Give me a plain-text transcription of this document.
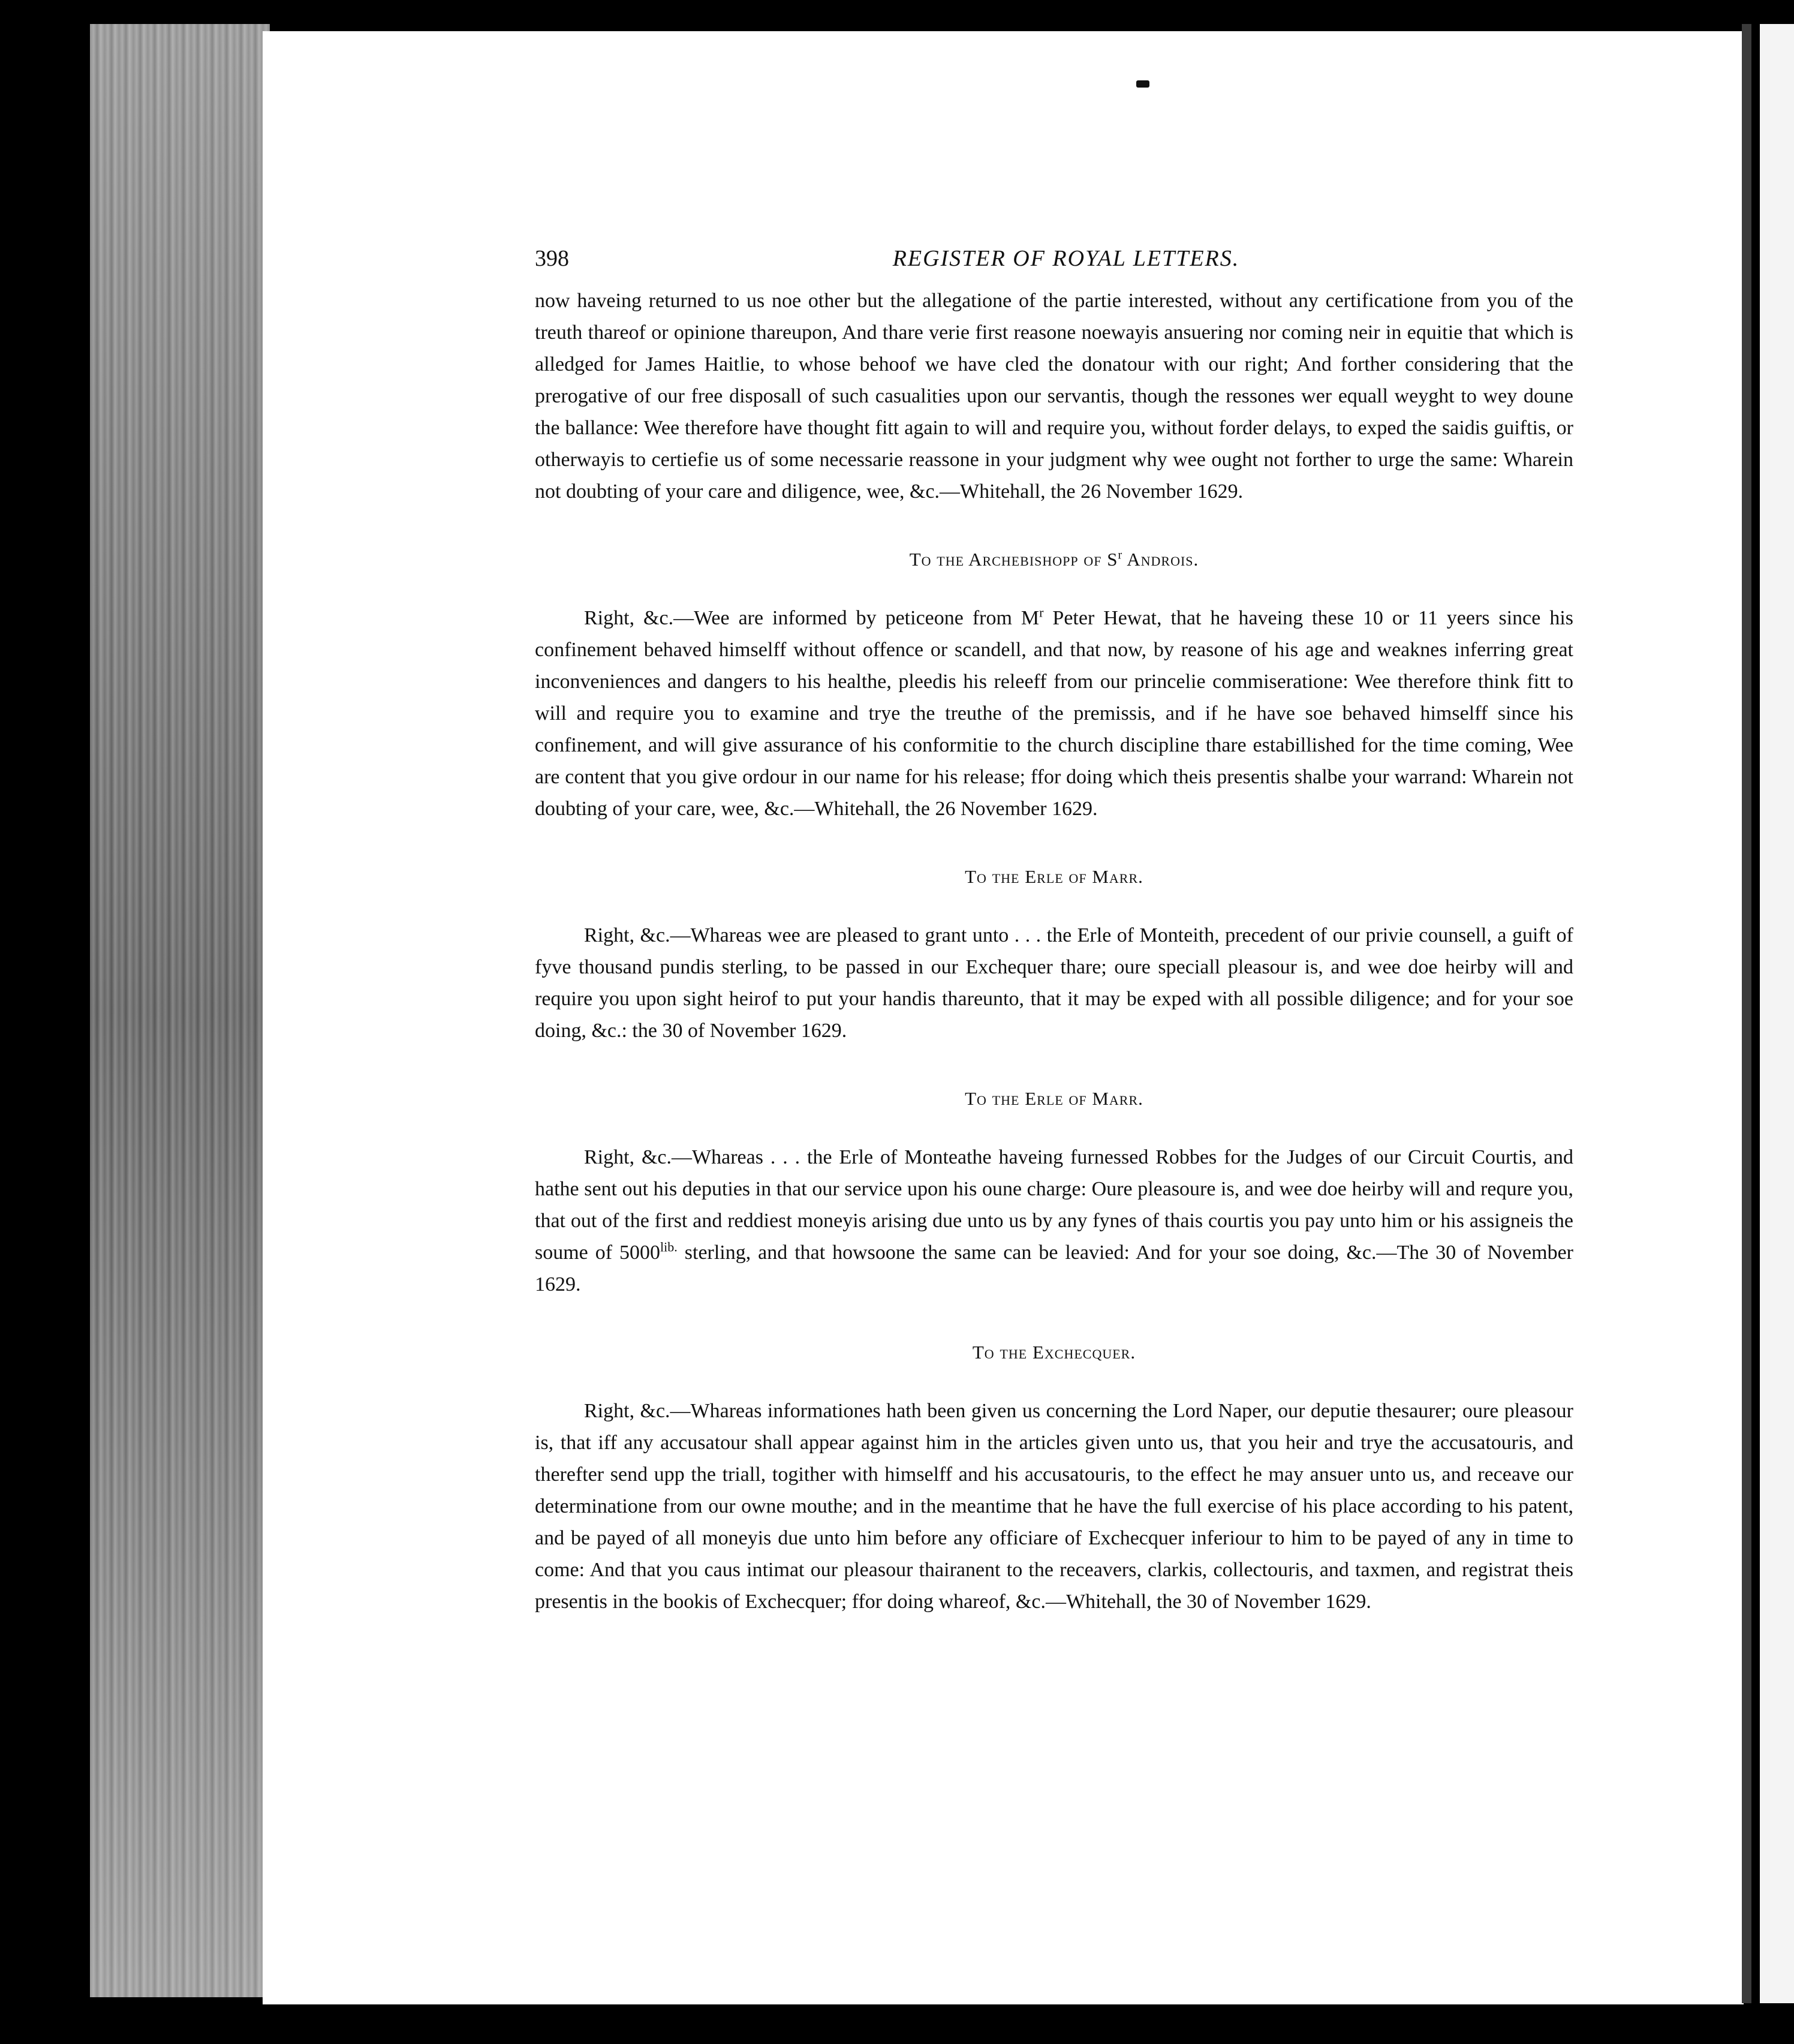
398	REGISTER OF ROYAL LETTERS.

now haveing returned to us noe other but the allegatione of the partie interested, without any certificatione from you of the treuth thareof or opinione thareupon, And thare verie first reasone noewayis ansuering nor coming neir in equitie that which is alledged for James Haitlie, to whose behoof we have cled the donatour with our right; And forther considering that the prerogative of our free disposall of such casualities upon our servantis, though the ressones wer equall weyght to wey doune the ballance: Wee therefore have thought fitt again to will and require you, without forder delays, to exped the saidis guiftis, or otherwayis to certiefie us of some necessarie reassone in your judgment why wee ought not forther to urge the same: Wharein not doubting of your care and diligence, wee, &c.—Whitehall, the 26 November 1629.

To the Archebishopp of $S^r$ Androis.

Right, &c.—Wee are informed by peticeone from $M^r$ Peter Hewat, that he haveing these 10 or 11 yeers since his confinement behaved himselff without offence or scandell, and that now, by reasone of his age and weaknes inferring great inconveniences and dangers to his healthe, pleedis his releeff from our princelie commiseratione: Wee therefore think fitt to will and require you to examine and trye the treuthe of the premissis, and if he have soe behaved himselff since his confinement, and will give assurance of his conformitie to the church discipline thare estabillished for the time coming, Wee are content that you give ordour in our name for his release; ffor doing which theis presentis shalbe your warrand: Wharein not doubting of your care, wee, &c.—Whitehall, the 26 November 1629.

To the Erle of Marr.

Right, &c.—Whareas wee are pleased to grant unto . . . the Erle of Monteith, precedent of our privie counsell, a guift of fyve thousand pundis sterling, to be passed in our Exchequer thare; oure speciall pleasour is, and wee doe heirby will and require you upon sight heirof to put your handis thareunto, that it may be exped with all possible diligence; and for your soe doing, &c.: the 30 of November 1629.

To the Erle of Marr.

Right, &c.—Whareas . . . the Erle of Monteathe haveing furnessed Robbes for the Judges of our Circuit Courtis, and hathe sent out his deputies in that our service upon his oune charge: Oure pleasoure is, and wee doe heirby will and requre you, that out of the first and reddiest moneyis arising due unto us by any fynes of thais courtis you pay unto him or his assigneis the soume of $5000^{lib.}$ sterling, and that howsoone the same can be leavied: And for your soe doing, &c.—The 30 of November 1629.

To the Exchecquer.

Right, &c.—Whareas informationes hath been given us concerning the Lord Naper, our deputie thesaurer; oure pleasour is, that iff any accusatour shall appear against him in the articles given unto us, that you heir and trye the accusatouris, and therefter send upp the triall, togither with himselff and his accusatouris, to the effect he may ansuer unto us, and receave our determinatione from our owne mouthe; and in the meantime that he have the full exercise of his place according to his patent, and be payed of all moneyis due unto him before any officiare of Exchecquer inferiour to him to be payed of any in time to come: And that you caus intimat our pleasour thairanent to the receavers, clarkis, collectouris, and taxmen, and registrat theis presentis in the bookis of Exchecquer; ffor doing whareof, &c.—Whitehall, the 30 of November 1629.
